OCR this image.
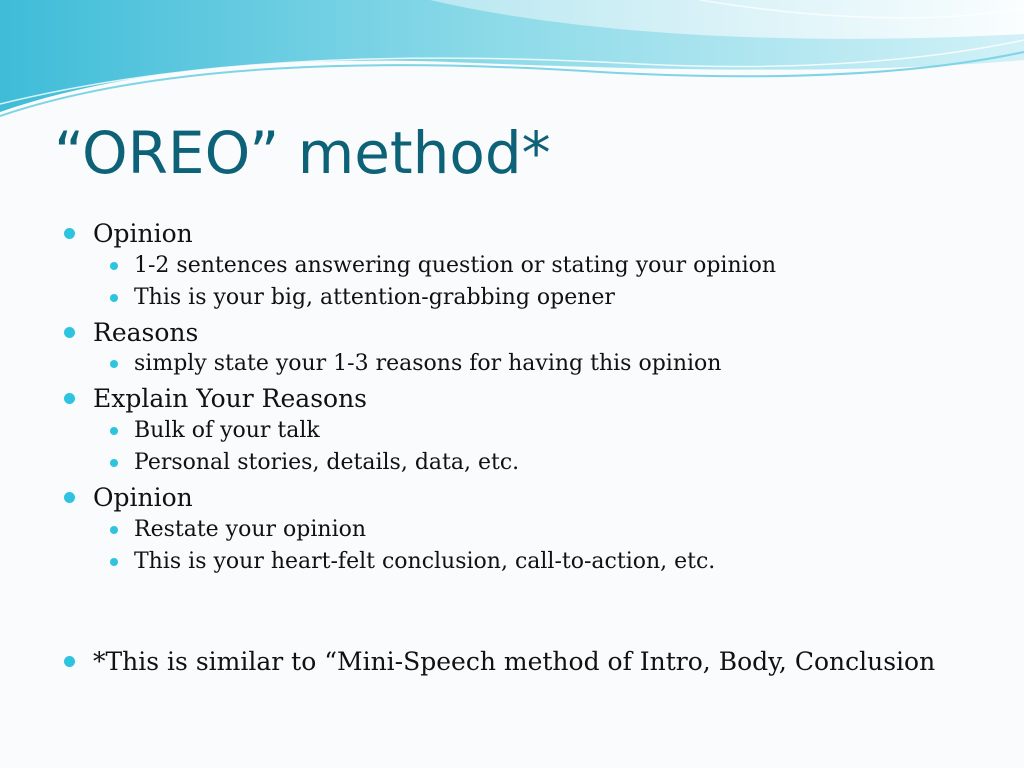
“OREO” method*
Opinion
1-2 sentences answering question or stating your opinion
This is your big, attention-grabbing opener
Reasons
simply state your 1-3 reasons for having this opinion
Explain Your Reasons
Bulk of your talk
Personal stories, details, data, etc.
Opinion
Restate your opinion
This is your heart-felt conclusion, call-to-action, etc.
*This is similar to “Mini-Speech method of Intro, Body, Conclusion
